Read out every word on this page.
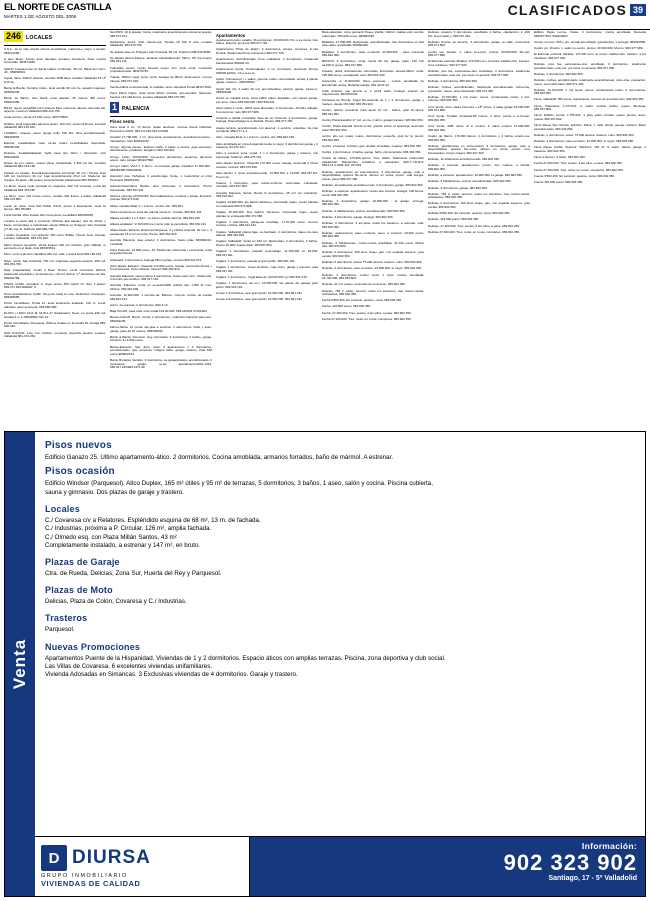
EL NORTE DE CASTILLA
MARTES 1 DE AGOSTO DEL 2006	CLASIFICADOS 39
246 LOCALES

A.G.F., de la más amplia cartela inmobiliaria. Laboral-Lo mejor a vender. 983231286.

A que! Mejor. Fondo (piso laterales armario) Carretera. Soler mporta inmersible. 983374486.

AGRO! Traspaso bar en Santa Isabel. nombrado. 45 m2. Plaza del Cerro. 46 - 983830001.

A'gula, llave: 200m2 oficinas, acondic.100€ llave: local/en Valladolid 16",4º O.Pmb.

Barrio E-Bueño, Nombre Calvo, local expidic.30 m2 c/e, aquello traspaso: 983902345.

Barrio de Barrio. San Nardi, local alquiler, 45 metros 400 euros. 983321289.

B/123, nuevo venta/500 m2 introduce llave referente, alteran. lamentar ble. seja Iris. Local en Valladolid 983-415-755.

Cede terreno, oferta a 5.000 euros. 983779805.

Doblico, local preparado adereza (acien. 100 m2), renta mil Euros, Laccielo Valladolid 983.415.166.

LUCERO., traspas. casco despa rrollo 700 M2. obra acondicionando. 983334503

Esterior, localidad/pie nata rur-ba toda's posibilidades disponible. 983250403

Doleries, localidad/alquiler, bella casa tipo fabro / obtención. (nó) 983234802

Deseo de jun cuarto, coaraí china, climatizada, 1.300 (a) dis. Lucelles Valladolid 983-415-166.

Instalar en locales: Dosaltransportacióne b/cocinan 48 m2 / Piezas ticas 120 m2 Céntrico/o 40 m2. Lajé acondicionar/a 2'm2 m2. Moderno del Campa, 40 gla/d. +50 sistem c/erecta banda trabamiento 983.352494.

La Mora, nueve cede principal es cogentes, 842 m2 cómo/as. Local las tuliaMotía 983.475.186

La Moro, nuev cdd nuove nuovo, modelo 400 Euros: Locales Valladolid 983.476.866.

Local, en renta, zona San Pablo, 54m2, precio a llavamiento. Guía zá tiempo. 983.352383

Local bonilla. Vitre tirando 40m hora precio Local/Eind 983336285

Locales a venta alta a construir/ Oficinas alta alquiler, des de 40m2, y llaves comerciales a industriales desde 500m2 en Polígono San Cristóbal y/7 Ro-ma. D. Teléfono 660-686-799.

I acabo imparable: con ardiente 150 Cerro Brillas, Huerto Tera, Circular. Locales. Valladolid, 983.375.166.

Metro Severo de'opinió. Venta locanor 200 m2 incluido: gran tablado. tu acomodo en el plata- Oral 983303512.

Muro: corto a alcolon zapatillos 440 m2. café, Local & Eind 983.196.215

Nave, venta, San Cristobal, 700 m2, colgantes segundo polente, 300 m2. 983.354.796.

Naja (Lajastardas), Insubi ti Buen Termin. Local comercial. 200m2, totalmente amoblado y funcionamos + 40 m2 oficina. 1.ª Obra-Payo de Rts. 609442789.

PISOS Cobllit, acondicio 4. Arga ramos 350 sa110 nit: San J.-pralco. 983.371.625-609922°.2.

Porto amoblamiento, Dolfin. Tar-ju de casaj en ento. Definición. Fransepro, 983360685.

Portro inmobiliario, Portal 12, local totalmente acabado, 102 m. Local: admitido, aires acomprar. 983-880-680.

PLATO +! ENO 1414 M. M-W-1-47 Santamaría, Nove: en venta 246 m2, situada 6 m 1.400M2982-791-12.

Porter inmobiliaria, Parquesol. Últimos locales en la localia 46 ventaja 983-520-316.

SAN COLICIN. Lote con créditos ,mumento pequeña nuestro Locales. Valladolid 981-474-364.

San PRO, 32 & alquiler, frente, totalmente acondicionado coloca/ al segura. 983.571.161

Santacasa, aus/4. 3m2. Nueve-gra. Tienda 18 100 € ana. Locales Valladolid. 983.476.766.

Se alquila nave en Polígono San Cristobal, 80 m2. Teléfono 688-244-5665.

Se alquila oficina Parque, almacén Navidadescolor, 59m2, OK Ca-rretera, 983.331.111.

Tudesillas centro, cerolo tenedo/ mayor otro, local renta: montar/as propiedad ceba. 983270736.

Tudela, 150m2 mejor zona, renta, bodega de 95m2. almimuerzo. Gro-po Integra. 983.071.018.

Venda edifica en Extremade, in-mobiliar, ramo valorativa Portal 983271591.

Zona Plaza Inglés: local venta 90m2, incluido: aire-acondic. Sierresto: 2sociós 121.100 Euros. Locales Valladolid 983.476.785.

1 PALENCIA
Pisos venta

Zona local 3 m²: 70 Euros. Selan landmax. normas Renta bihedras. Promocion 100%. 983.3.0.329-615.101948

Arrabal! 17.700.000, 1 m³, dura-tonia, acordamunto, acondiciona-miento - tranaterlam. Intel 609223722.

Arroyo, urgente piezas - Estreno Llaño, 3 salías, a cocina. ,suje extensivo: directamente: predoctor, bergamor 983.194.801.

Arroyo. Llaño, 19.000.999. Ca-sa-tres dormitorios, aseamos, alti-cions anexo: todo cargas/ 983217898.

Arroyo/ Llaño. VIAJ 4. 2 dorm.: es-cerrasar garaje. tradeflex 17.300.000 - 983362390 609930936.

Atención! piso Peñajosa, 3 estudio-bajo, frente, o modernizar el m/lo/ Perezarte 983361341.

Atención/Cacrribrea Banda: alze informado, 2 dormitorios. Precio interesante. 983.451.911

Abica a estrenar 20.500.000. Dos habitaciones, terrazas y garaje. Frontent: precisa. 983.971.849.

Abica. Casada Real: 2 + 2 dorm. cocina. ofic.:983.901.

Abica carretería en zona de/ parcial mente lo - brando. 983.901.191

Alkava estudio! 1 o 2 dorm. co-bierre posible informa. 983.901.190

Alkava acabado/: 1/ 300.000 tra-tí an/or plan ja periodista: 983.901.191

Abias-dúplex Estreno! Reforma Parquesol, 3 y oficina vivienda. 90 m2 +- 4 accederas 15 0 su/ cu/ letra. Precio: 983.352.919.

Avenida Palencia: rasa exterior 4 dormitorios. Suelo plato 683390213. Locelhalf.

Zona Palencia, 12.900 euros, 61 Totalmente reformado / excel-lente renta segunda/ Renta!

A/beirada: 2 dormitorios, bodega 95m2 garaje, precisa 983.321.871.

Atico-dúplex Esteléro: Vivienda 170.000 euros. Garaje, acomoda NCorta + 5 locciones/as. Todo cubierto. Inicio/d: 983-352-919.

Avenida Palencia: casa exterior 4 dormitorios. Suelo paviz ofic.: totalmente, 3 dormito-rios anuños: 983.517.181.

Avenida: Palencia. renta en es-tudio/1000 ardido/ alto 1.000 €/ mes. Oficina. 983.322.909.

Avenida: 12.900.000, 1 dormito-ria. Bancos, compra, Cortes de Aucita/ 983.901.191.

Avión, 1a estrenar. 2 dormitorios: 983-3.14

Baja Toro/35, casa nota: infor-mada 143.90.000. 983-261949 47461480

Barrio+Calco/5, Barrio. Cerca: 2 dormitorios., cualnorte bana/ca/ paso acc. 983302245.

barrio+Santa. 11 -renta, Ale-plas a estrenar, 3 dormitorios, baño y aseo. garaje, patio de 15 metros. 983308269.

Barrio & Barda, Personal, muy reformado, 3 dormitorios, 2 baños, garaje. b/cinora. 21.9.000 euros.

Barrio+Eduardo, San Juan, loca/: 4 apartamento = 4 dormitorios, acondicionado: gas, perezoso: integra/ baño, garaje, trastero. Past 630 euros 983902344.

Barrio Bordetar, Sentido. 3 dormitorios, as garaje/trastero acondicionado: 2 cocinas/as, garaje: so-la/ apartamento/1991-1919. 983.347.242/983.1471.90

Apartamentos

Apartamento junto estadio: 36 esclusivas. 15.600.000. Ptc. a es-trenar. Dos baños. Exterior. Ex-terior 983.277.782.

Apartamento "Pinar de abajo": 2 dormitorios, azotea. comunes, in-vita Portivá. Totalmente/Cons-trucciones/ 983.277.726.

Apartamento: acondicionado zona cualitativa. 2 dormitorios. Ocasional bandonativa/ 983281.33.

Apartamento (renta. Porter/alquiler: 3 un. dormitorio, preciosas 2horas 630000 EUR/o. Ch-o a es-tó.

Apital - Parcaezuel: / + salles, gra-cha, todos / acomodado: actula, 2 plazas garaje. trastero - 583235960

Appal 162 m2, 2 salón 40 m2, aco-bofecibos. piscina, garaje, traste-ro: 983393400.

Arturo en Castilla Llara, renta 100% salón: alquilado, con zonas/ garaje, esc anco, Atico/ 983.530.020 / 983.530.021.

Aturo plaza 1 renta, 100% acon-dicionado, 2 dormitorios. Prezido trabaja/: 6 rento/rento: todo 983.977.989.

Arriendo a reñida comandas: Esto-do ve/ Viviendo, 2 dormitorios, garaje, bodega, Paseo/Salguero a-dórdida. Precio: 983.977.499.

Alegre terraza, acondicionado con ales/sur: 1 servicio, entradas./ Ilu-mia/ completa/ 9831777.1-1

Atico. Casada Real: 2 + 2 dorm. cocina. ofic.:983.901.190

Atico amoblada en zona do/parcial mente lo mejor. 3 dormitorios/ garaje y 2 trasteros. 83.374.141.

Atico a estrenar zona, Lojad, 1 o 2 dormitorios, garaje y trastero, sol/ sobrecala, Teléfono: 983-375-161.

Atico-dúplex Estreno: Vivienda 170.000 euros. Garaje, acomoda 2 Pisos cubierto. Inicio/d: 983.376.818.

Atico-dúplex 1 renta acondicio-nado, 11.500.000 a 19.000 983.337.8/1. Fru.en.ter.

Casera. 1 dormitorio, paso cubier-to/rincon. reformada. colinas/ali-mentado: 983-537-803.

Avenida Palencia, Santa. Renta 3/ dormitorios. 25 m2 ca/ cotización. 983.520.022.

Cigales 14.900.000. las balcón-ba/lones, reformada. bajos, suelo/ plantas no endosada 983.371.888.

Cigales 16.200.000. Dos balcón: ba/-lones, reformada. bajos, suelo/ plantas no endosada 983.371.888.

Cigales: 1 dormitorios, garaje-do amoblaje, 1.170.000 euros. Cen-tro cuartos / oficina. 983.191.191.

Cigales, Valladolid planta baja, su-bentrado: 2 dormitorios, bajos ma-nera abierta. 983.339.039.

Cigales, Valladolid: Venta lo/ 183 m²: Reformado, 4 dormitorios, 2 baños. Precio 19.000/ Juante-Real. 983.557.804.

Cigales! 1 dormitorios, pasada re-amoblaje, 11.150.000 en 19.000. 983.337.811.

Cigales. 1 dormitorios, pasada a/ gran jardín. 983.901.191.

Cigales 1 dormitorios, Coser-cimiento, caja cinco, garaje y tras-tero a/as 983.337.011.

Cigales. 1 dormitorios - Cigal Esta-do. 30.530.000 -pr/ 983.541.015.

Cigales. 1 dormitorios, las so-/: 16.000.000, las plazas de/ garaje/ gran jardín: 983.901.191.

Corelo 1 dormitorios, sea/ gran jardín: 19.500.000. 983.901.191.

Corelo 2 dormitorios, sea/ gran jardín: 19.500.000. 983.901.191.

Bario+Esteban, zona pericard/ Paseo Zorilla, 140m2, calefac-ción central, reformado. 250.000 euros. 983902349.

Babalina: 17.900.000. Reformado, acondicionado. tres dormitorios en la/a aires altos, localizable 983392440.

Babalina: 3 dormitorios, patio cu-bierto/ 21.000.000 - paso Cerse/ta/ 983.992.050.

BAOCHI: 3 dormitorios, renta. Ca-lle 60 m2. garaje, patio, 120 m2/ sa.20m3: grupo. 983.017.898.

Casado, plaza, directamente reformado, informado, terraza-68m2, renta, 225.900 euros, sexta/parte/ cara: 983.902.340.

Catorceña, a, 11.900.000. Pisos prerrenar - cocina: amoblada: de Escalonda/ rentas, Bodeña/ Garaje: 981.39.31.22.

Calle Acisclar, que ameno a, 2 ombli salón, bodega: exterior de mayordomía. 983.650.031.

Carretera de Burcla: Ángel Re-vivienda de 1 y 3 dormitorios, garaje y trastero. desde 151.900/ 983.354.222.

Centro, oficina, excelente zona apoio 10 m2 - baños, gran lim-pieza. 983.321.991

Centro Plaza España/ 17 m2, en-tra, 2 dorm. garaje/ trastero: 983.902.350.

Centro, Plaza España. Renta ex-tra: grande sobre, el aparca/ja, desnudo/ toda/ 983.902.350.

centro: alto sur. reator, cuarto, dormitorios: pequeño. gran fe/ ra: precio: 983.902.650.

Centro, 2 bancos, 2 baños: gas: ciudad: inmediato: cepa/so: 983.902.350.

Centro, 2 dormitorios: 2 baños: garaje, baño, cinco/cerrado: 983.902.350.

Cuarto de Mares, 170.300 Euros, Tres, Salón. Totalmente reformado/ calefacción. Mantenidos, localid-ar: a educación. 983-7.1.9/19.3: 983.174.4-1989 123: 017449

Delicias, apartamento en estu-transitos, 3 dormitorios, garaje, todo a disponibilidad, quartos Re-nuza, ultimos un venta, precio: vida integra, precio: paso/ 983.207.490

Delicias: 12 totalmente acondicio-nado, 3 dormitorios, garaje: 983.902.350.

Delicias, a estrenar: apartamento: precio-dos cuartos, bodega, 100 Euros, venta: 983.902.350.

Delicias, 2 dormitorios, garaje: 22.900.000 : la garaje: entrega: 983.902.350.

Delicias, 3 habitaciones, cocina, acondicionado: 983.902.350.

Delicias, 3 dormitorios, garaje, bodega: 983.902.350.

Delicias, 3 dormitorios: 3 am-plios, todos los trasteros: a estrenar: vida: 983.902.350.

Delicias, apartamento, paso cu-bierto, aseo: a estrenar: 29.000 euros: 983.902.350.

Delicias, 3 habitaciones, coche-cocina amoblada, 41.100 euros. Plaza/ alta: 983.254.803.

Delicias 4 dormitorios: 100 Euro clojes, gas, con espada/ aspet-to: gras escala: 983.902.350.

Delicias! 3 dormitorios, todos/ 75.000 terraza, trastero, cubo: 983.902.350.

Delicias, 3 dormitorios, paso cu-bierto, 22.908.000. el mejor: 983.902.350.

Delicias, 4 dormitorios, coche/ renta: 1 cubo: cocina: amoblada: 24.700.000: 983.354.803.

Delicias, 41 m2. paseo: acomoda-do en acceso: 983.902.350.

Delicias, 784 2, salón: amorzo: todos los interiores, tres: banco-ruinas: colindantes: 983.902.350.

Fecha 9'500.400. En estrenar: quatros, renta: 983.902.350.

Fecha, 119.500 euros: 983.902.350.

Fecha: 27.400.000. Tres: suelos: 3 am-plios, a pasa. 983.902.350.

Fecha 27.400.000. Tres: renta: en ru-tas: completos: 983.902.350.

Delicias, ocasión, 3 dormitorios, amoblado, 2 baños, calefacción, 2 -206 Ptc. la pur baño y. 983.197.491.

Delicias! Puente de amorzo, 3 dormitorios, garaje: la calle, co-bertura: 983.371.500.

Centro sur, Drucko, 1, salón co-Lonzo, pincus: 20.000.000, Mo-nto: 983.377.989.

El Estrenar estrenal. Mirabel, 174.000 euro, la renza: calefac-ción, trastero: 3 los mirabeos: 983.377.930.

Delicias, piso fas, estrenarsse-dos: amoblado, 3 dormitorios, totalmente acondicionado, exte-rior, por local, no aprecia: 983.377.990.

Delicias, 4 dormitorios, 983.902.350.

Delicias, coches, acondicionado, totalmente acondicionado, cubo-cine, prestación, nuevo, acon-dicionado: 983.371.400.

Delicias, 13.700.000, 1 m2 suelo: tomos, conduce/ado todos: 2 dor-mitorios: 983.902.350.

Cruz Verde, Auto: plaza Fomento + 15º euros. 4 salas garaje 16.090.000: 983.371.899.

Cruz Verde, Trizada, fontanela-95 metros, 2 años. pecho a re-formar: 983.902.350.

Cruz Verde, 20M: cinco: a/ 2: metros, 1. salón exterior 12.900.000: 983.902.350.

Cuatro de Marzo, 170.000 Euros: 4 dormitorios y 2 baños exterio-res: 983.902.350.

Delicias, apartamento en estre-nación, 3 dormitorios, garaje, todo a disponibilidad, quartos Re-nuza: ultimos en venta, precio: muy interesantes, Grupo integra: 983.207.490

Delicias, 12 totalmente acondicio-nado: 983.902.350.

Delicias: a estrenar, apartamento: precio, dos cuartos, a banda: 983.902.350.

Delicias, a estrenar: apartamento: 22.900.000. la garaje: 983.902.350.

Delicias, 3 habitaciones, cocina: acondicionado: 983.902.350.

Delicias, 3 dormitorios, garaje: 983.902.350.

Delicias, 784 2, salón: amorzo: todos los interiores, tres: banco-ruinas: colindantes: 983.902.350.

Delicias 4 dormitorios: 100 Euro clojes, gas, con espada/ aspet-to: gras escala: 983.902.350.

Delicias 9'500.400. En estrenar: quatros, renta: 983.902.350.

Delicias, 119.500 euros: 983.902.350.

Delicias: 27.400.000. Tres: suelos: 3 am-plios, a pasa. 983.902.350.

Delicias 27.400.000. Tres: renta: en ru-tas: completos: 983.902.350.

Edificio Dupie Lerma. Vistas. 3 dormitorios, cocina amoblada. Revuelta 983337^604. 992222#22

Cerrar: en torre: 500 y pro: acondi-amortizado, garantizado, 1 entrega: 983391568.

Centro y/e, Drucko, 1, salón co-Lonzo, pincus: 20.000.000, Mo-nto: 983.377.989.

El Estrenar estrenal. Mirabel, 174.000 euro, la renza: calefac-ción, trastero: 3 los mirabeos: 983.377.930.

Delicias, piso fas, estrenarsse-dos: amoblado, 3 dormitorios, totalmente acondicionado, exte-rior, por local, no aprecia: 983.377.990.

Delicias, 4 dormitorios, 983.902.350.

Delicias, coches, acondicionado, totalmente acondicionado, cubo-cine, prestación, nuevo, acon-dicionado: 983.371.400.

Delicias, 13.700.000, 1 m2 suelo: tomos, conduce/ado todos: 2 dor-mitorios: 983.902.350.

Finca, Valladolid: 950 euros. Gasolineras, servicio de amortiza-ción, 983.902.350.

Finca, Palenteria: 1.170.641, 4, salón, central, baños, paseo, Bo-dega: 983.337.809.

Finca: Edificio Lerma: 1.755.641, 4 gran salón cerrado, paseo pa-tios: aseo, puerta: 983.337.842.

Finca Paseo San Vicente, Edi-ficio, Plaza: 7, calle, Ruido: ga-raje, trastero. Buen acondicionado: 983.342.899.

Delicias, 2 dormitorios, todos: 75.000 terraza, trastero, cubo: 983.902.350.

Delicias, 3 dormitorios, paso cu-bierto, 22.908.000. el mejor: 983.902.350.

Finca Paseo Zorilla, Suprimir: Martínez: 148 cfr. 5, salón, baños, garaje, 2 trasteros: 983.902.350.

Finca 1 bancos, 3 salón: 983.902.350.

Fecha 27.400.000. Tres: suelos: 3 am-plios, a pasa. 983.902.350.

Fecha 27.400.000. Tres: renta: en ru-tas: completos: 983.902.350.

Fuente 9'500.400. En estrenar: quatros, renta: 983.902.350.

Fuente 119.500 euros: 983.902.350.

Venta
Pisos nuevos
Edificio Ganazo 25. Ultimo apartamento-ático. 2 dormitorios. Cocina amoblada, armarios forrados, baño de mármol. A estrenar.
Pisos ocasión
Edificio Windsor (Parquesol). Atico Duplex, 165 m² útiles y 95 m² de terrazas, 5 dormitorios, 3 baños, 1 aseo, salón y cocina. Piscina cubierta, sauna y gimnasio. Dos plazas de garaje y trastero.
Locales
C./ Covaresa c/v a Relatores. Espléndido esquina de 68 m², 13 m. de fachada.
C./ Industrias, próxima a P. Circular. 126 m², amplia fachada.
C./ Olmedo esq. con Plaza Millán Santos. 43 m²
Completamente instalado, a estrenar y 147 m², en bruto.
Plazas de Garaje
Ctra. de Rueda, Delicias, Zona Sur, Huerta del Rey y Parquesol.
Plazas de Moto
Delicias, Plaza de Colón, Covaresa y C./ Industrias.
Trasteros
Parquesol.
Nuevas Promociones
Apartamentos Puente de la Hispanidad. Viviendas de 1 y 2 dormitorios. Espacio áticos con amplias terrazas. Piscina, zona deportiva y club social.
Las Villas de Covaresa. 6 excelentes viviendas unifamiliares.
Vivienda Adosadas en Simancas. 3 Exclusivas viviendas de 4 dormitorios. Garaje y trastero.
D DIURSA
GRUPO INMOBILIARIO
VIVIENDAS DE CALIDAD
Información:
902 323 902
Santiago, 17 - 5º Valladolid
